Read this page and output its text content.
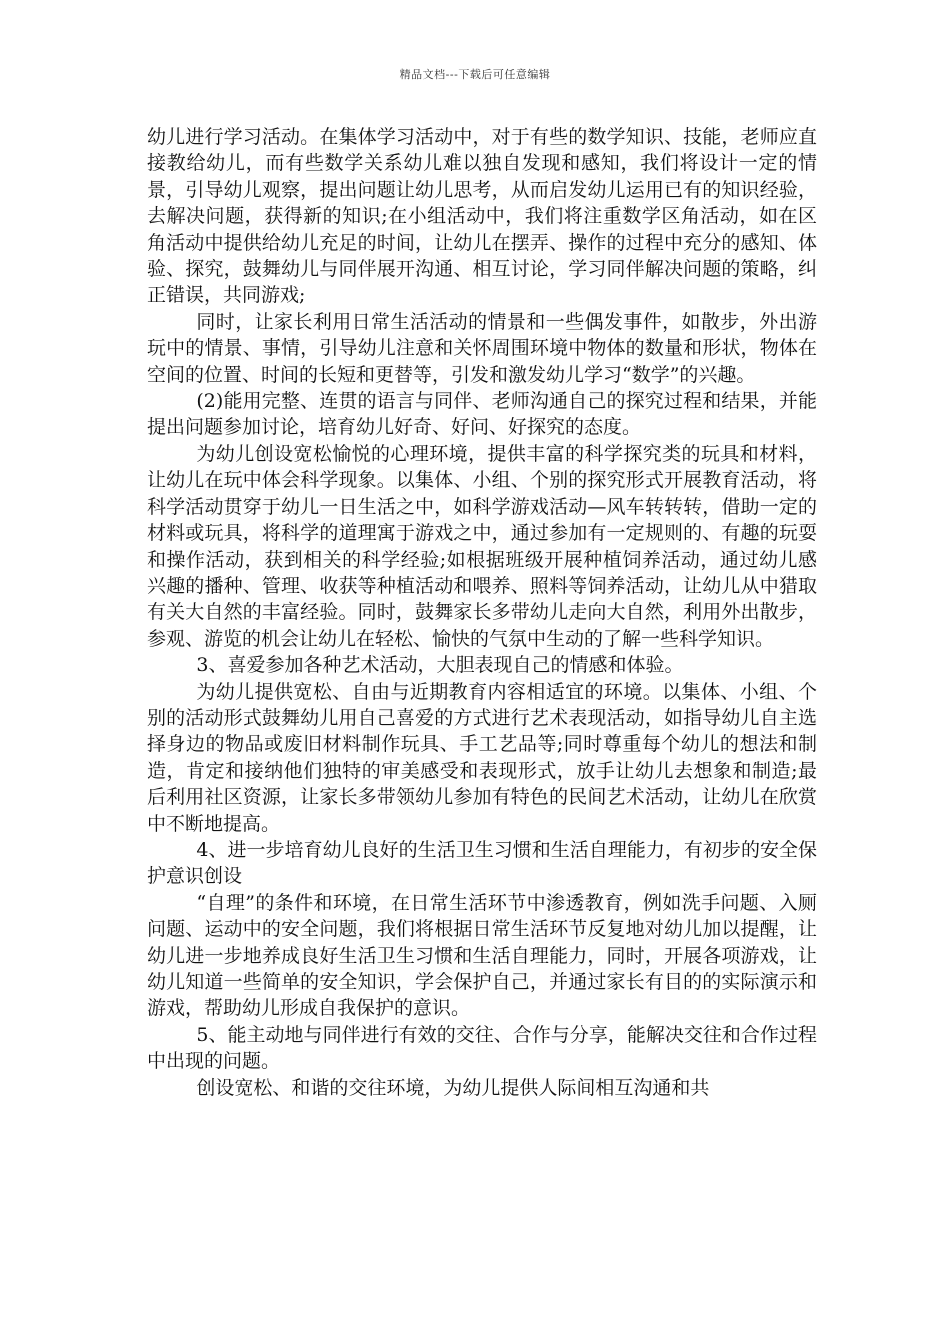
精品文档---下载后可任意编辑

幼儿进行学习活动。在集体学习活动中，对于有些的数学知识、技能，老师应直接教给幼儿，而有些数学关系幼儿难以独自发现和感知，我们将设计一定的情景，引导幼儿观察，提出问题让幼儿思考，从而启发幼儿运用已有的知识经验，去解决问题，获得新的知识;在小组活动中，我们将注重数学区角活动，如在区角活动中提供给幼儿充足的时间，让幼儿在摆弄、操作的过程中充分的感知、体验、探究，鼓舞幼儿与同伴展开沟通、相互讨论，学习同伴解决问题的策略，纠正错误，共同游戏;

同时，让家长利用日常生活活动的情景和一些偶发事件，如散步，外出游玩中的情景、事情，引导幼儿注意和关怀周围环境中物体的数量和形状，物体在空间的位置、时间的长短和更替等，引发和激发幼儿学习“数学”的兴趣。

(2)能用完整、连贯的语言与同伴、老师沟通自己的探究过程和结果，并能提出问题参加讨论，培育幼儿好奇、好问、好探究的态度。

为幼儿创设宽松愉悦的心理环境，提供丰富的科学探究类的玩具和材料，让幼儿在玩中体会科学现象。以集体、小组、个别的探究形式开展教育活动，将科学活动贯穿于幼儿一日生活之中，如科学游戏活动—风车转转转，借助一定的材料或玩具，将科学的道理寓于游戏之中，通过参加有一定规则的、有趣的玩耍和操作活动，获到相关的科学经验;如根据班级开展种植饲养活动，通过幼儿感兴趣的播种、管理、收获等种植活动和喂养、照料等饲养活动，让幼儿从中猎取有关大自然的丰富经验。同时，鼓舞家长多带幼儿走向大自然，利用外出散步，参观、游览的机会让幼儿在轻松、愉快的气氛中生动的了解一些科学知识。

3、喜爱参加各种艺术活动，大胆表现自己的情感和体验。

为幼儿提供宽松、自由与近期教育内容相适宜的环境。以集体、小组、个别的活动形式鼓舞幼儿用自己喜爱的方式进行艺术表现活动，如指导幼儿自主选择身边的物品或废旧材料制作玩具、手工艺品等;同时尊重每个幼儿的想法和制造，肯定和接纳他们独特的审美感受和表现形式，放手让幼儿去想象和制造;最后利用社区资源，让家长多带领幼儿参加有特色的民间艺术活动，让幼儿在欣赏中不断地提高。

4、进一步培育幼儿良好的生活卫生习惯和生活自理能力，有初步的安全保护意识创设

“自理”的条件和环境，在日常生活环节中渗透教育，例如洗手问题、入厕问题、运动中的安全问题，我们将根据日常生活环节反复地对幼儿加以提醒，让幼儿进一步地养成良好生活卫生习惯和生活自理能力，同时，开展各项游戏，让幼儿知道一些简单的安全知识，学会保护自己，并通过家长有目的的实际演示和游戏，帮助幼儿形成自我保护的意识。

5、能主动地与同伴进行有效的交往、合作与分享，能解决交往和合作过程中出现的问题。

创设宽松、和谐的交往环境，为幼儿提供人际间相互沟通和共
